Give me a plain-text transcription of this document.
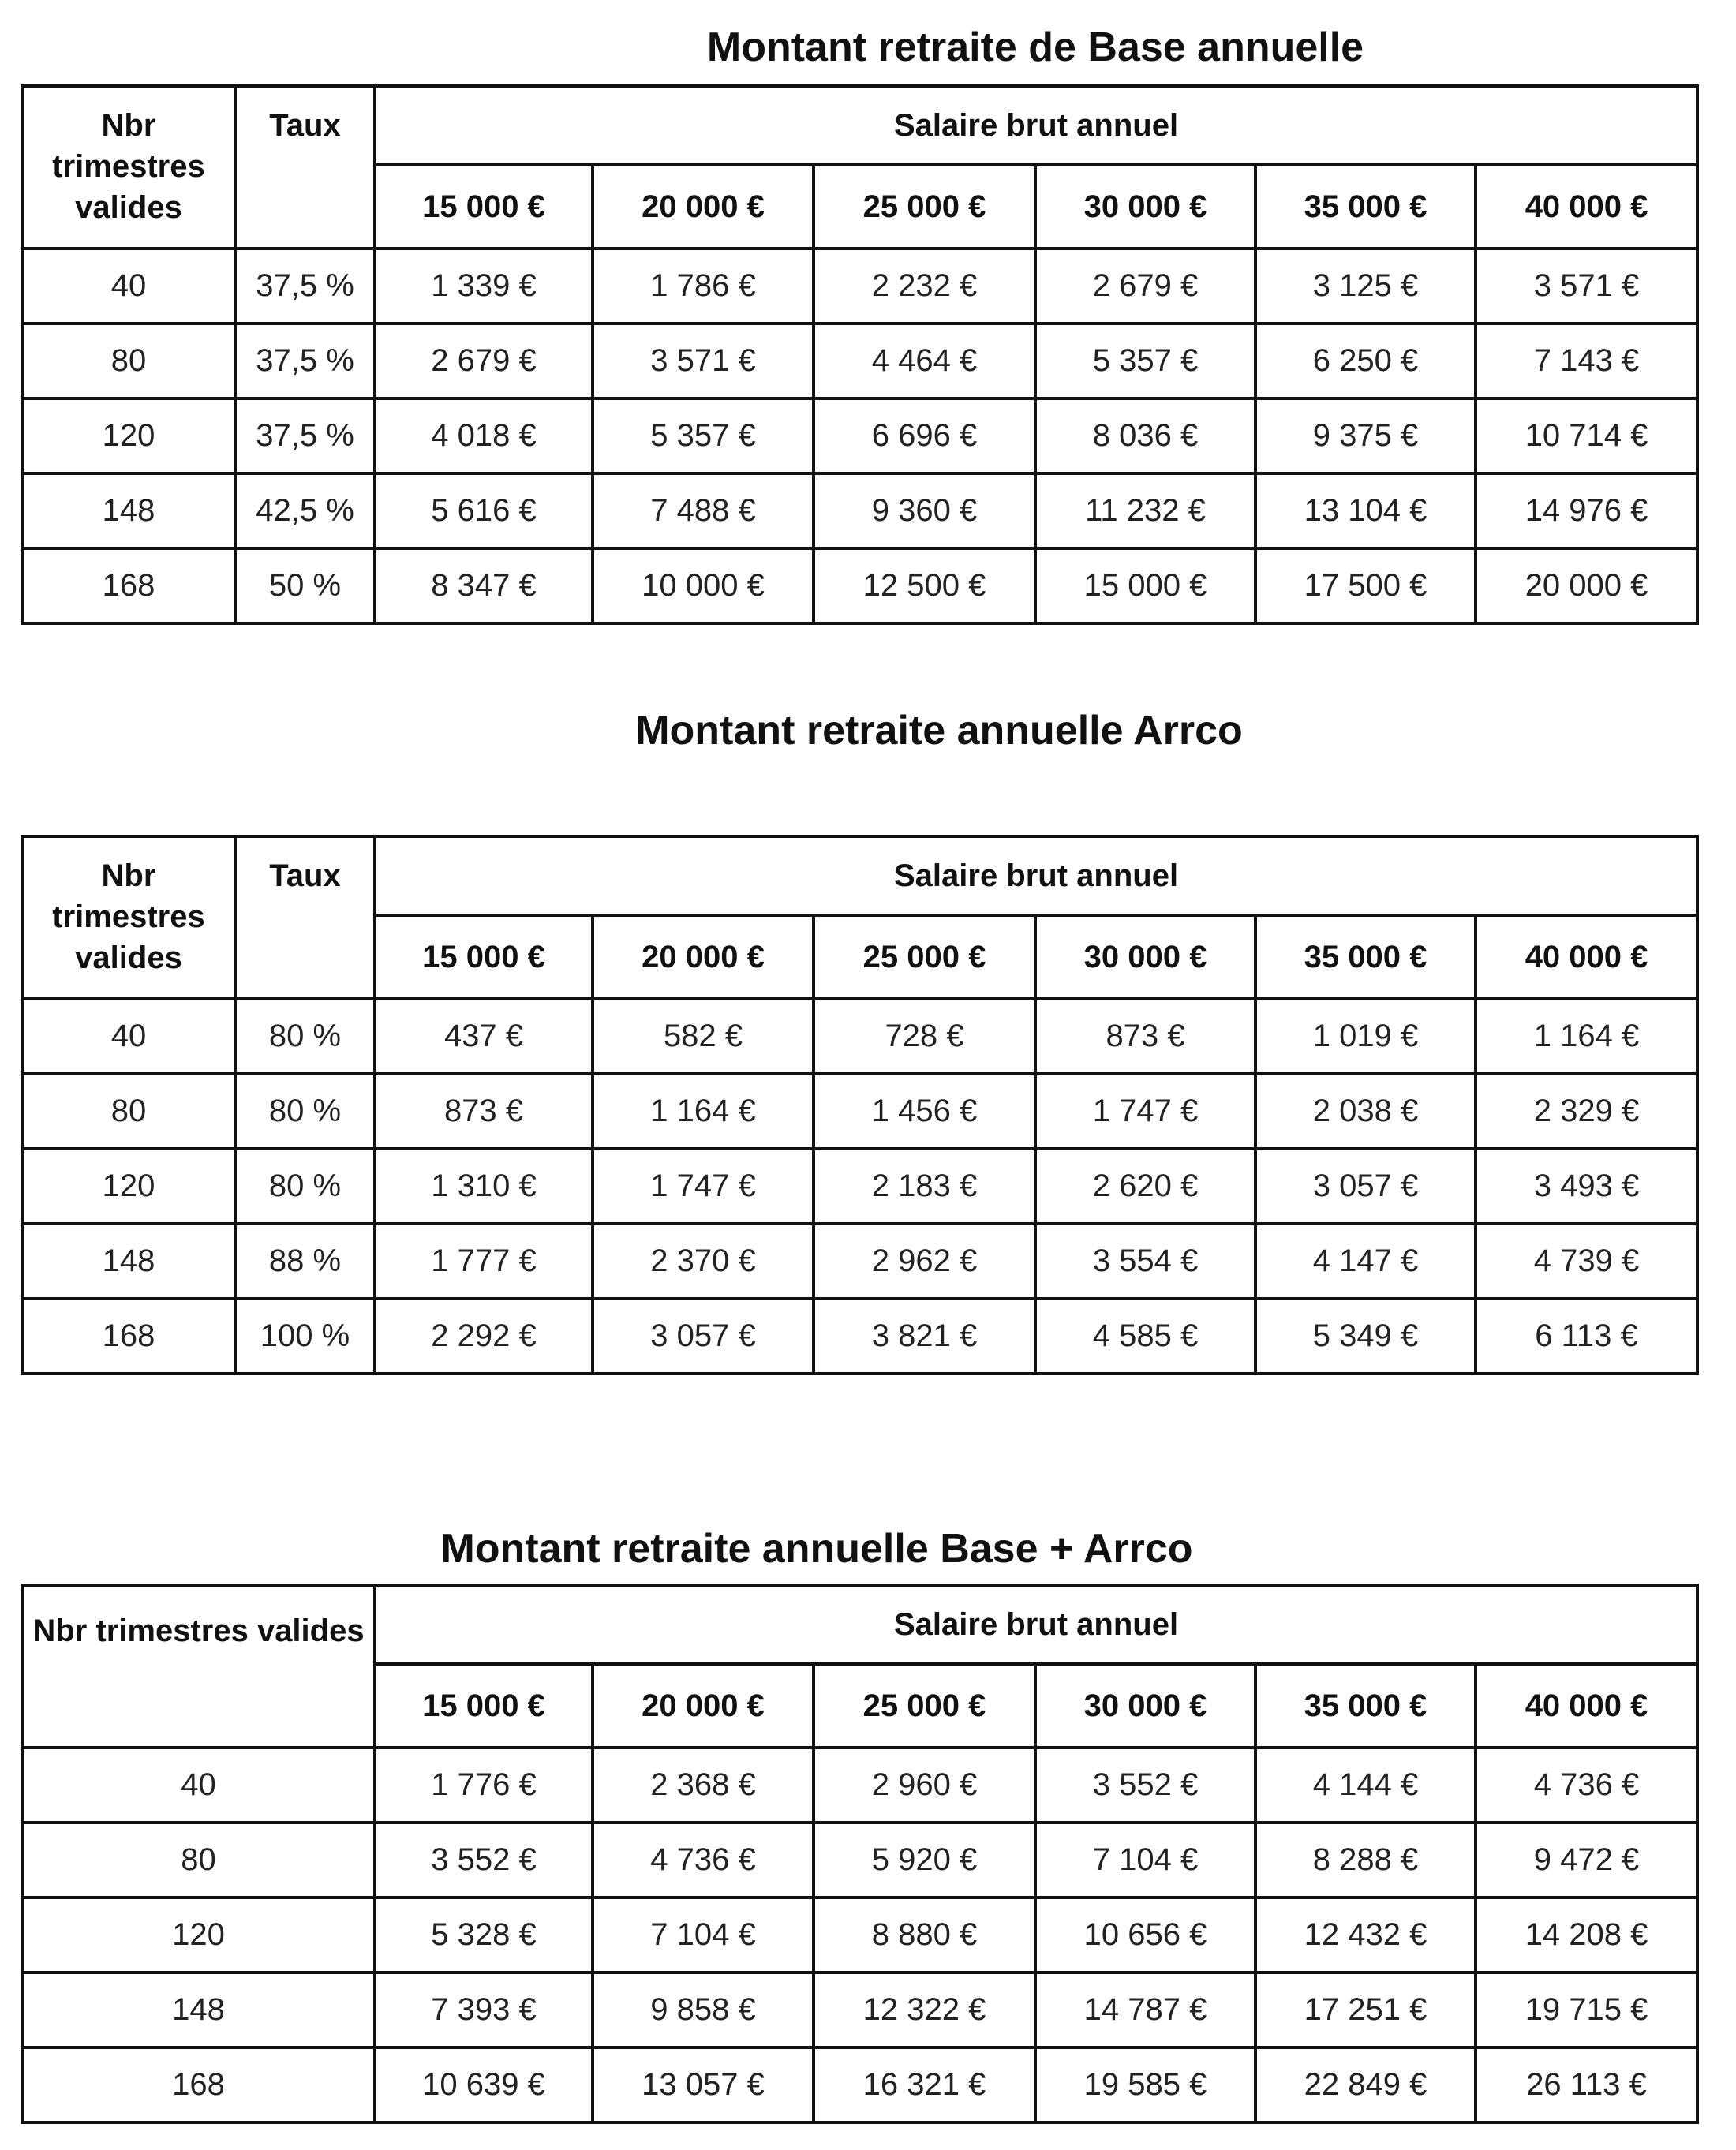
Montant retraite de Base annuelle
Nbr trimestres valides	Taux	Salaire brut annuel					
		15 000 €	20 000 €	25 000 €	30 000 €	35 000 €	40 000 €
40	37,5 %	1 339 €	1 786 €	2 232 €	2 679 €	3 125 €	3 571 €
80	37,5 %	2 679 €	3 571 €	4 464 €	5 357 €	6 250 €	7 143 €
120	37,5 %	4 018 €	5 357 €	6 696 €	8 036 €	9 375 €	10 714 €
148	42,5 %	5 616 €	7 488 €	9 360 €	11 232 €	13 104 €	14 976 €
168	50 %	8 347 €	10 000 €	12 500 €	15 000 €	17 500 €	20 000 €
Montant retraite annuelle Arrco
Nbr trimestres valides	Taux	Salaire brut annuel					
		15 000 €	20 000 €	25 000 €	30 000 €	35 000 €	40 000 €
40	80 %	437 €	582 €	728 €	873 €	1 019 €	1 164 €
80	80 %	873 €	1 164 €	1 456 €	1 747 €	2 038 €	2 329 €
120	80 %	1 310 €	1 747 €	2 183 €	2 620 €	3 057 €	3 493 €
148	88 %	1 777 €	2 370 €	2 962 €	3 554 €	4 147 €	4 739 €
168	100 %	2 292 €	3 057 €	3 821 €	4 585 €	5 349 €	6 113 €
Montant retraite annuelle Base + Arrco
Nbr trimestres valides	Salaire brut annuel					
	15 000 €	20 000 €	25 000 €	30 000 €	35 000 €	40 000 €
40	1 776 €	2 368 €	2 960 €	3 552 €	4 144 €	4 736 €
80	3 552 €	4 736 €	5 920 €	7 104 €	8 288 €	9 472 €
120	5 328 €	7 104 €	8 880 €	10 656 €	12 432 €	14 208 €
148	7 393 €	9 858 €	12 322 €	14 787 €	17 251 €	19 715 €
168	10 639 €	13 057 €	16 321 €	19 585 €	22 849 €	26 113 €
